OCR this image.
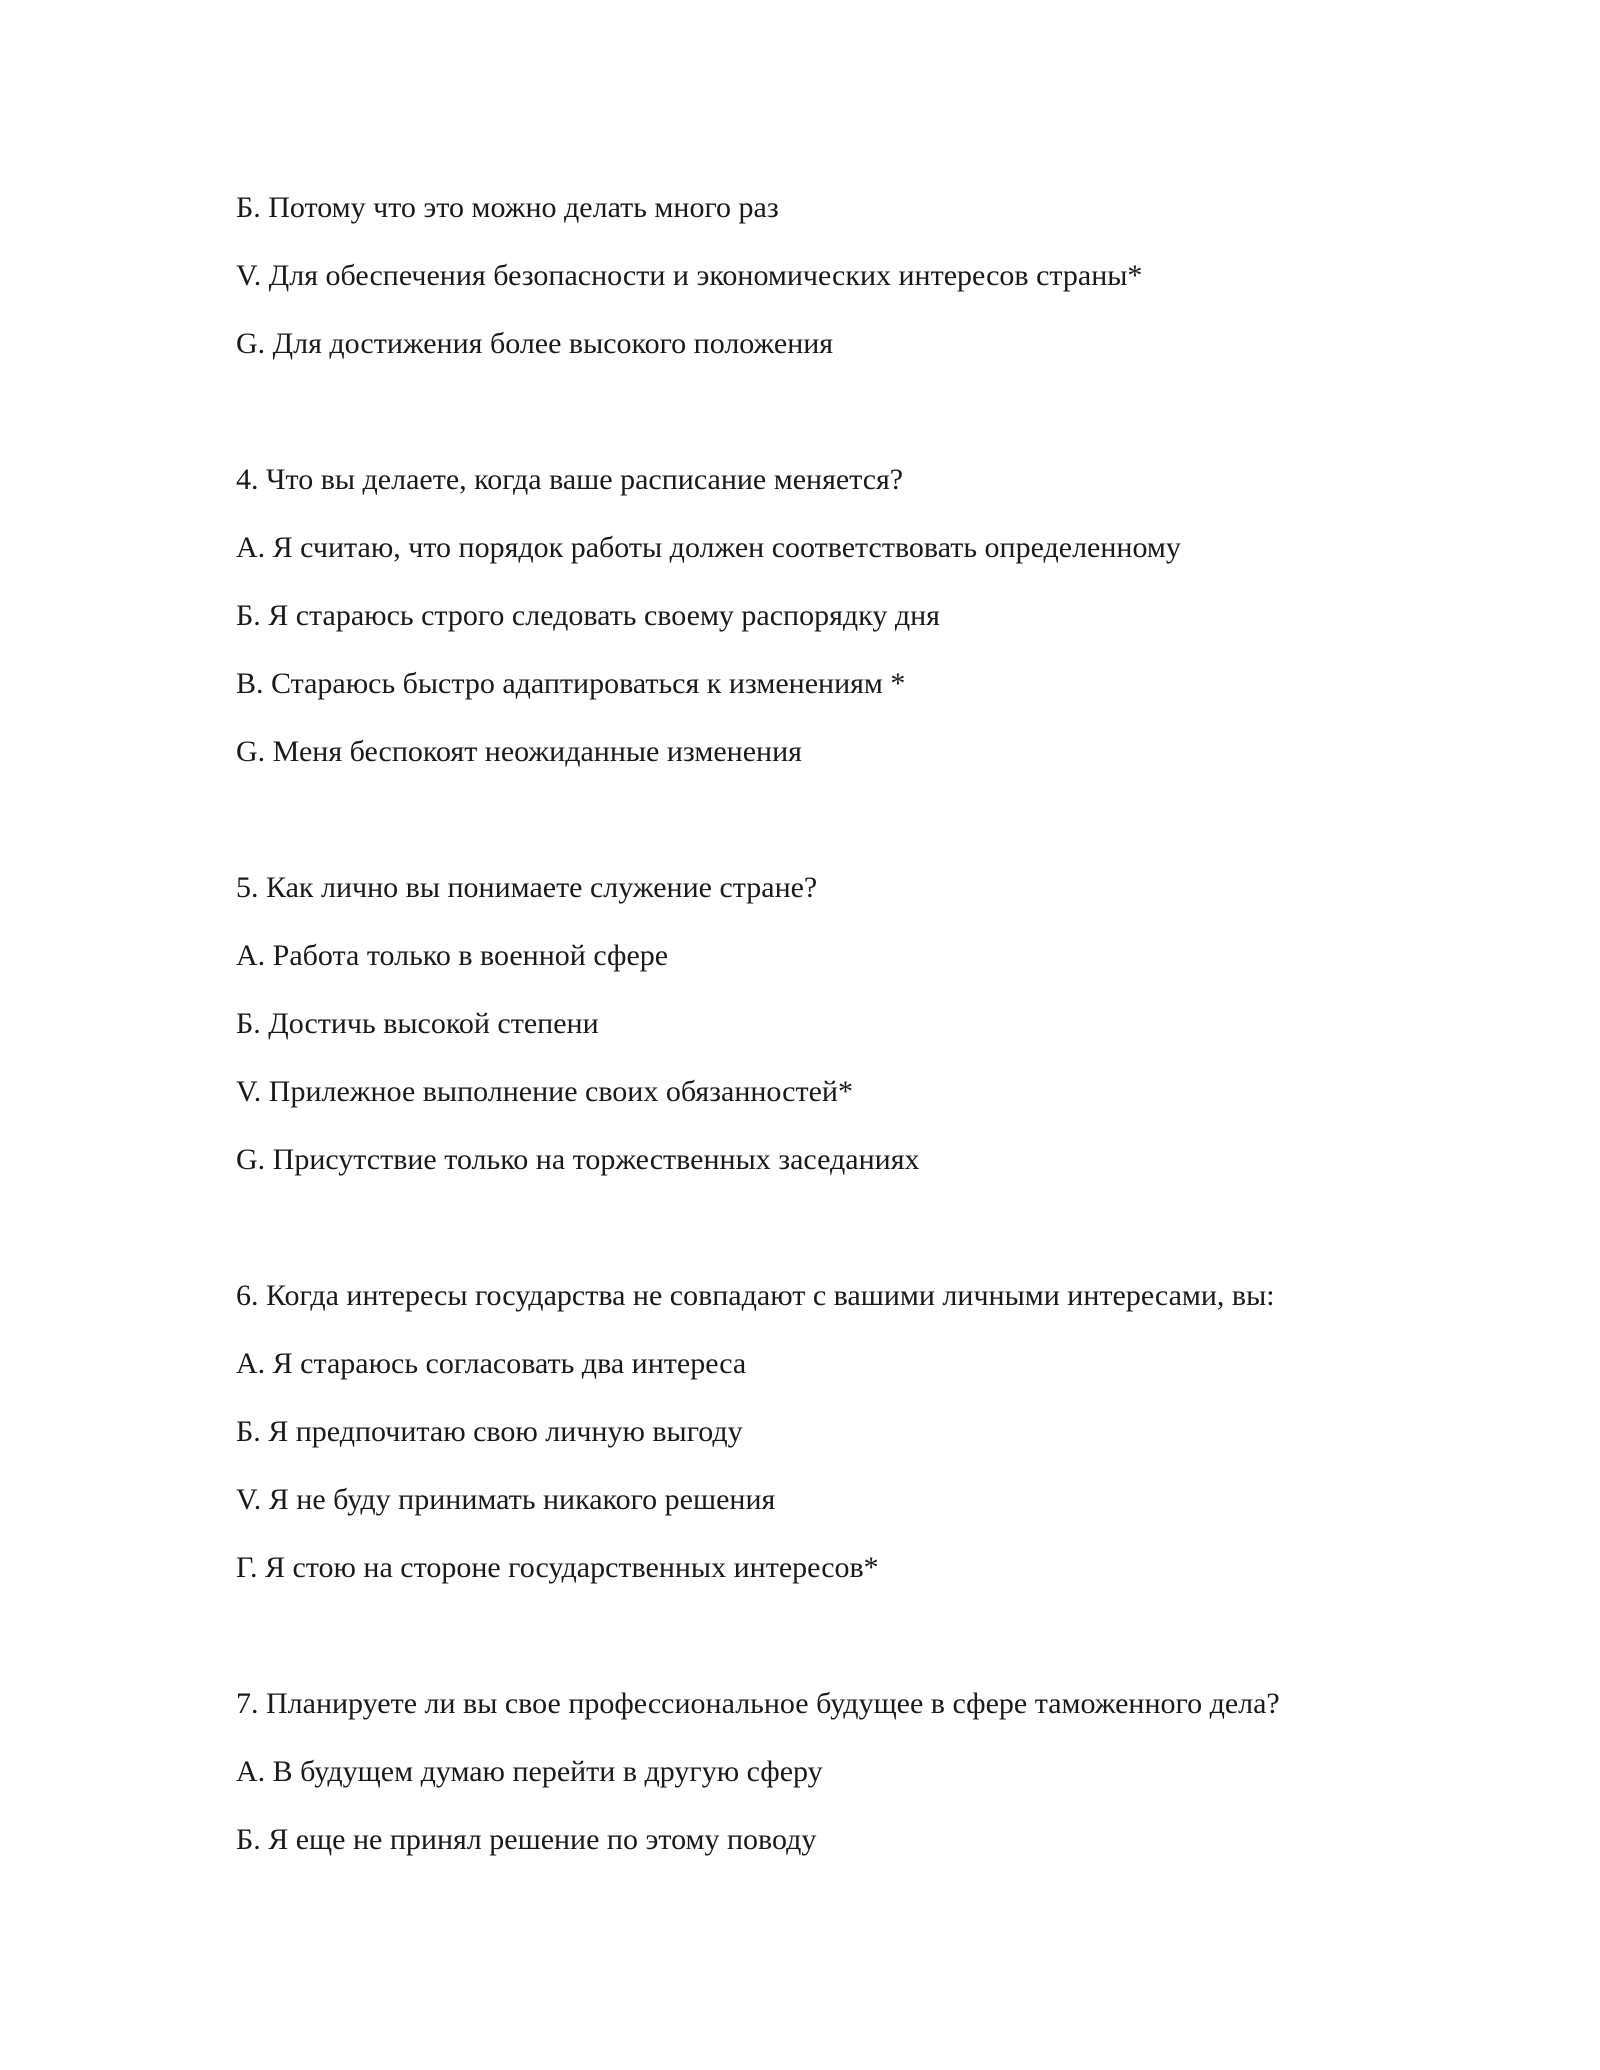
Б. Потому что это можно делать много раз
V. Для обеспечения безопасности и экономических интересов страны*
G. Для достижения более высокого положения
4. Что вы делаете, когда ваше расписание меняется?
А. Я считаю, что порядок работы должен соответствовать определенному
Б. Я стараюсь строго следовать своему распорядку дня
В. Стараюсь быстро адаптироваться к изменениям *
G. Меня беспокоят неожиданные изменения
5. Как лично вы понимаете служение стране?
А. Работа только в военной сфере
Б. Достичь высокой степени
V. Прилежное выполнение своих обязанностей*
G. Присутствие только на торжественных заседаниях
6. Когда интересы государства не совпадают с вашими личными интересами, вы:
А. Я стараюсь согласовать два интереса
Б. Я предпочитаю свою личную выгоду
V. Я не буду принимать никакого решения
Г. Я стою на стороне государственных интересов*
7. Планируете ли вы свое профессиональное будущее в сфере таможенного дела?
А. В будущем думаю перейти в другую сферу
Б. Я еще не принял решение по этому поводу
